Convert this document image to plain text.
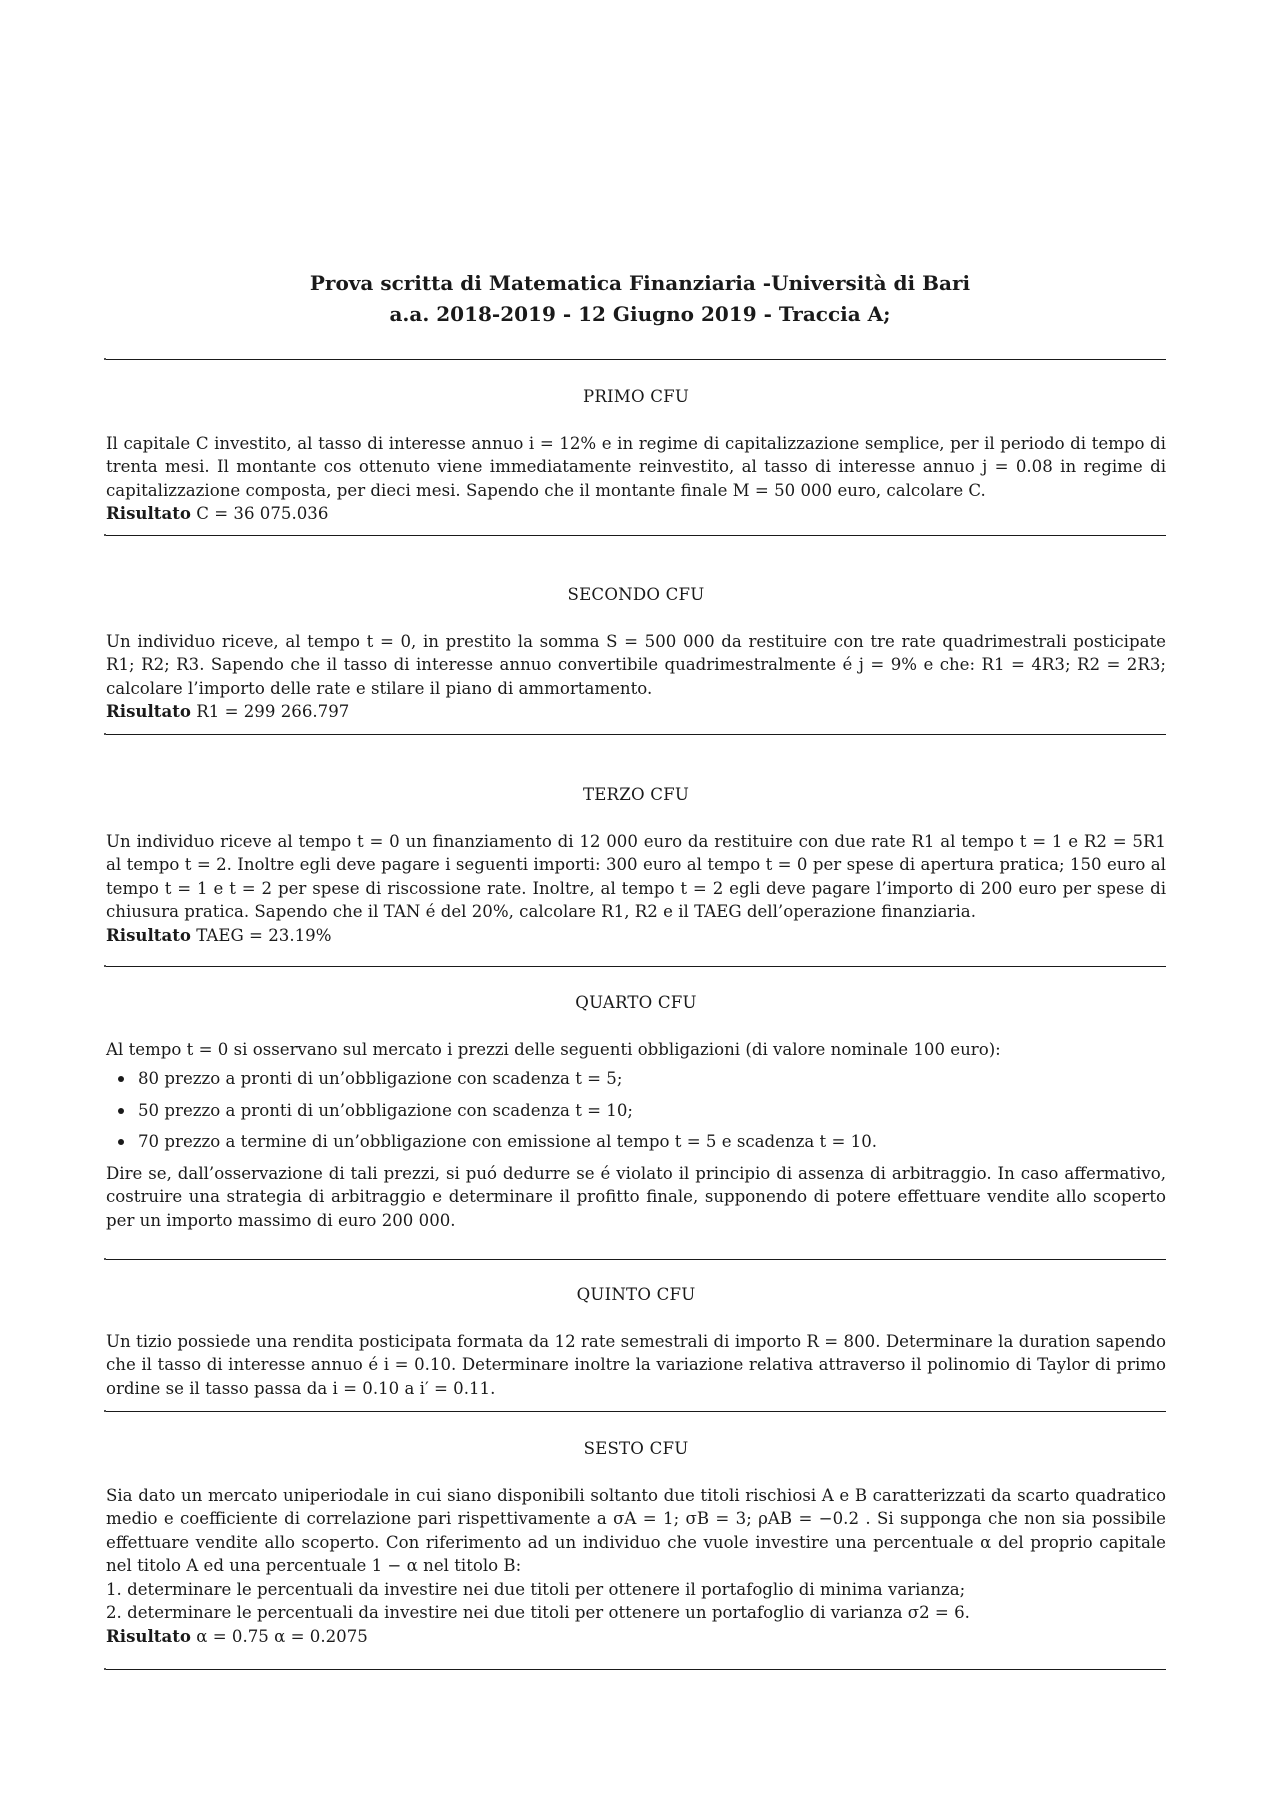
Prova scritta di Matematica Finanziaria -Università di Bari
a.a. 2018-2019 - 12 Giugno 2019 - Traccia A;
PRIMO CFU

Il capitale C investito, al tasso di interesse annuo i = 12% e in regime di capitalizzazione semplice, per il periodo di tempo di trenta mesi. Il montante cos ottenuto viene immediatamente reinvestito, al tasso di interesse annuo j = 0.08 in regime di capitalizzazione composta, per dieci mesi. Sapendo che il montante finale M = 50 000 euro, calcolare C.

Risultato C = 36 075.036

SECONDO CFU

Un individuo riceve, al tempo t = 0, in prestito la somma S = 500 000 da restituire con tre rate quadrimestrali posticipate R1; R2; R3. Sapendo che il tasso di interesse annuo convertibile quadrimestralmente é j = 9% e che: R1 = 4R3; R2 = 2R3; calcolare l’importo delle rate e stilare il piano di ammortamento.

Risultato R1 = 299 266.797

TERZO CFU

Un individuo riceve al tempo t = 0 un finanziamento di 12 000 euro da restituire con due rate R1 al tempo t = 1 e R2 = 5R1 al tempo t = 2. Inoltre egli deve pagare i seguenti importi: 300 euro al tempo t = 0 per spese di apertura pratica; 150 euro al tempo t = 1 e t = 2 per spese di riscossione rate. Inoltre, al tempo t = 2 egli deve pagare l’importo di 200 euro per spese di chiusura pratica. Sapendo che il TAN é del 20%, calcolare R1, R2 e il TAEG dell’operazione finanziaria.

Risultato TAEG = 23.19%

QUARTO CFU

Al tempo t = 0 si osservano sul mercato i prezzi delle seguenti obbligazioni (di valore nominale 100 euro):

80 prezzo a pronti di un’obbligazione con scadenza t = 5;
50 prezzo a pronti di un’obbligazione con scadenza t = 10;
70 prezzo a termine di un’obbligazione con emissione al tempo t = 5 e scadenza t = 10.

Dire se, dall’osservazione di tali prezzi, si puó dedurre se é violato il principio di assenza di arbitraggio. In caso affermativo, costruire una strategia di arbitraggio e determinare il profitto finale, supponendo di potere effettuare vendite allo scoperto per un importo massimo di euro 200 000.

QUINTO CFU

Un tizio possiede una rendita posticipata formata da 12 rate semestrali di importo R = 800. Determinare la duration sapendo che il tasso di interesse annuo é i = 0.10. Determinare inoltre la variazione relativa attraverso il polinomio di Taylor di primo ordine se il tasso passa da i = 0.10 a i′ = 0.11.

SESTO CFU

Sia dato un mercato uniperiodale in cui siano disponibili soltanto due titoli rischiosi A e B caratterizzati da scarto quadratico medio e coefficiente di correlazione pari rispettivamente a σA = 1; σB = 3; ρAB = −0.2 . Si supponga che non sia possibile effettuare vendite allo scoperto. Con riferimento ad un individuo che vuole investire una percentuale α del proprio capitale nel titolo A ed una percentuale 1 − α nel titolo B:

1. determinare le percentuali da investire nei due titoli per ottenere il portafoglio di minima varianza;

2. determinare le percentuali da investire nei due titoli per ottenere un portafoglio di varianza σ2 = 6.

Risultato α = 0.75 α = 0.2075
